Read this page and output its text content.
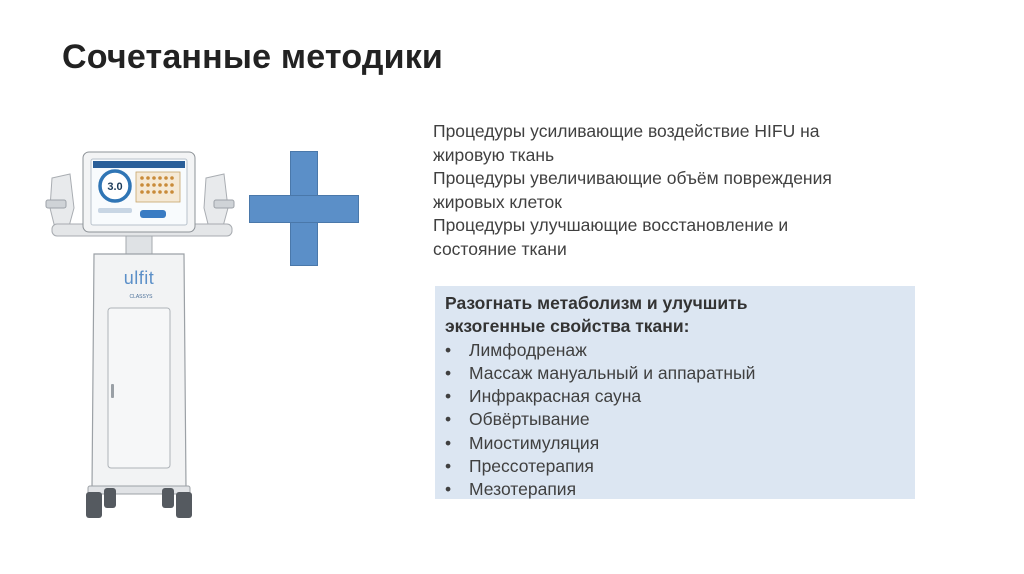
Сочетанные методики
3.0
ulfit
CLASSYS
Процедуры усиливающие воздействие HIFU на
жировую ткань
Процедуры увеличивающие объём повреждения
жировых клеток
Процедуры улучшающие восстановление и
состояние ткани
Разогнать метаболизм и улучшить
экзогенные свойства ткани:
• Лимфодренаж
• Массаж мануальный и аппаратный
• Инфракрасная сауна
• Обвёртывание
• Миостимуляция
• Прессотерапия
• Мезотерапия
